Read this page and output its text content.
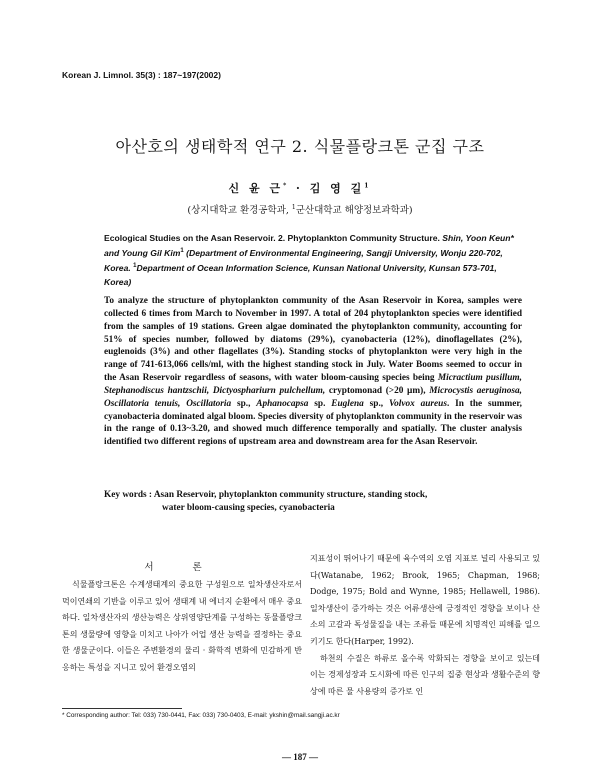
Korean J. Limnol. 35(3) : 187~197(2002)
아산호의 생태학적 연구 2. 식물플랑크톤 군집 구조
신 윤 근* · 김 영 길$^1$
(상지대학교 환경공학과, $^1$군산대학교 해양정보과학과)
Ecological Studies on the Asan Reservoir. 2. Phytoplankton Community Structure. Shin, Yoon Keun* and Young Gil Kim$^1$ (Department of Environmental Engineering, Sangji University, Wonju 220-702, Korea. $^1$Department of Ocean Information Science, Kunsan National University, Kunsan 573-701, Korea)
To analyze the structure of phytoplankton community of the Asan Reservoir in Korea, samples were collected 6 times from March to November in 1997. A total of 204 phytoplankton species were identified from the samples of 19 stations. Green algae dominated the phytoplankton community, accounting for 51% of species number, followed by diatoms (29%), cyanobacteria (12%), dinoflagellates (2%), euglenoids (3%) and other flagellates (3%). Standing stocks of phytoplankton were very high in the range of 741-613,066 cells/ml, with the highest standing stock in July. Water Booms seemed to occur in the Asan Reservoir regardless of seasons, with water bloom-causing species being Micractium pusillum, Stephanodiscus hantzschii, Dictyosphariurn pulchellum, cryptomonad (>20 µm), Microcystis aeruginosa, Oscillatoria tenuis, Oscillatoria sp., Aphanocapsa sp. Euglena sp., Volvox aureus. In the summer, cyanobacteria dominated algal bloom. Species diversity of phytoplankton community in the reservoir was in the range of 0.13~3.20, and showed much difference temporally and spatially. The cluster analysis identified two different regions of upstream area and downstream area for the Asan Reservoir.
Key words : Asan Reservoir, phytoplankton community structure, standing stock,
water bloom-causing species, cyanobacteria
서 론

식물플랑크톤은 수계생태계의 중요한 구성원으로 일차생산자로서 먹이연쇄의 기반을 이루고 있어 생태계 내 에너지 순환에서 매우 중요하다. 일차생산자의 생산능력은 상위영양단계를 구성하는 동물플랑크톤의 생물량에 영향을 미치고 나아가 어업 생산 능력을 결정하는 중요한 생물군이다. 이들은 주변환경의 물리 · 화학적 변화에 민감하게 반응하는 특성을 지니고 있어 환경오염의

지표성이 뛰어나기 때문에 육수역의 오염 지표로 널리 사용되고 있다(Watanabe, 1962; Brook, 1965; Chapman, 1968; Dodge, 1975; Bold and Wynne, 1985; Hellawell, 1986). 일차생산이 증가하는 것은 어류생산에 긍정적인 경향을 보이나 산소의 고갈과 독성물질을 내는 조류들 때문에 치명적인 피해를 일으키기도 한다(Harper, 1992).

하천의 수질은 하류로 올수록 악화되는 경향을 보이고 있는데 이는 경제성장과 도시화에 따른 인구의 집중 현상과 생활수준의 향상에 따른 물 사용량의 증가로 인

* Corresponding author: Tel: 033) 730-0441, Fax: 033) 730-0403, E-mail: ykshin@mail.sangji.ac.kr
— 187 —
